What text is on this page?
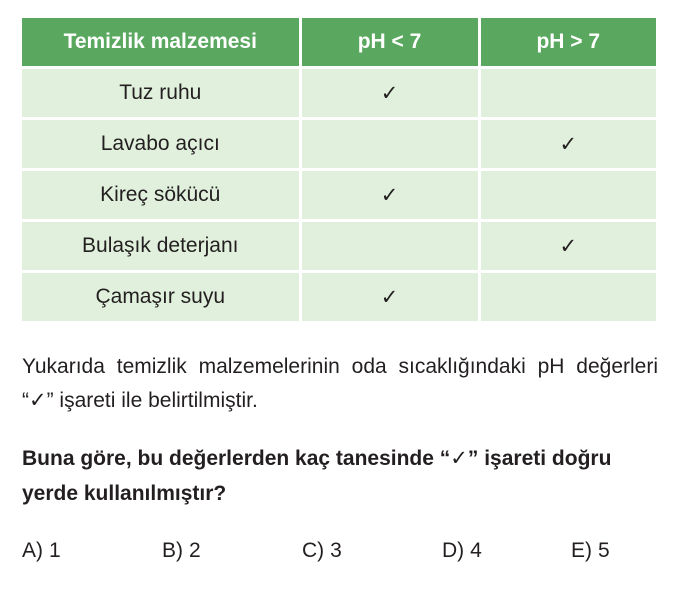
Temizlik malzemesi	pH < 7	pH > 7
Tuz ruhu	✓	
Lavabo açıcı		✓
Kireç sökücü	✓	
Bulaşık deterjanı		✓
Çamaşır suyu	✓	

Yukarıda temizlik malzemelerinin oda sıcaklığındaki pH değerleri “✓” işareti ile belirtilmiştir.

Buna göre, bu değerlerden kaç tanesinde “✓” işareti doğru yerde kullanılmıştır?

A) 1	B) 2	C) 3	D) 4	E) 5
